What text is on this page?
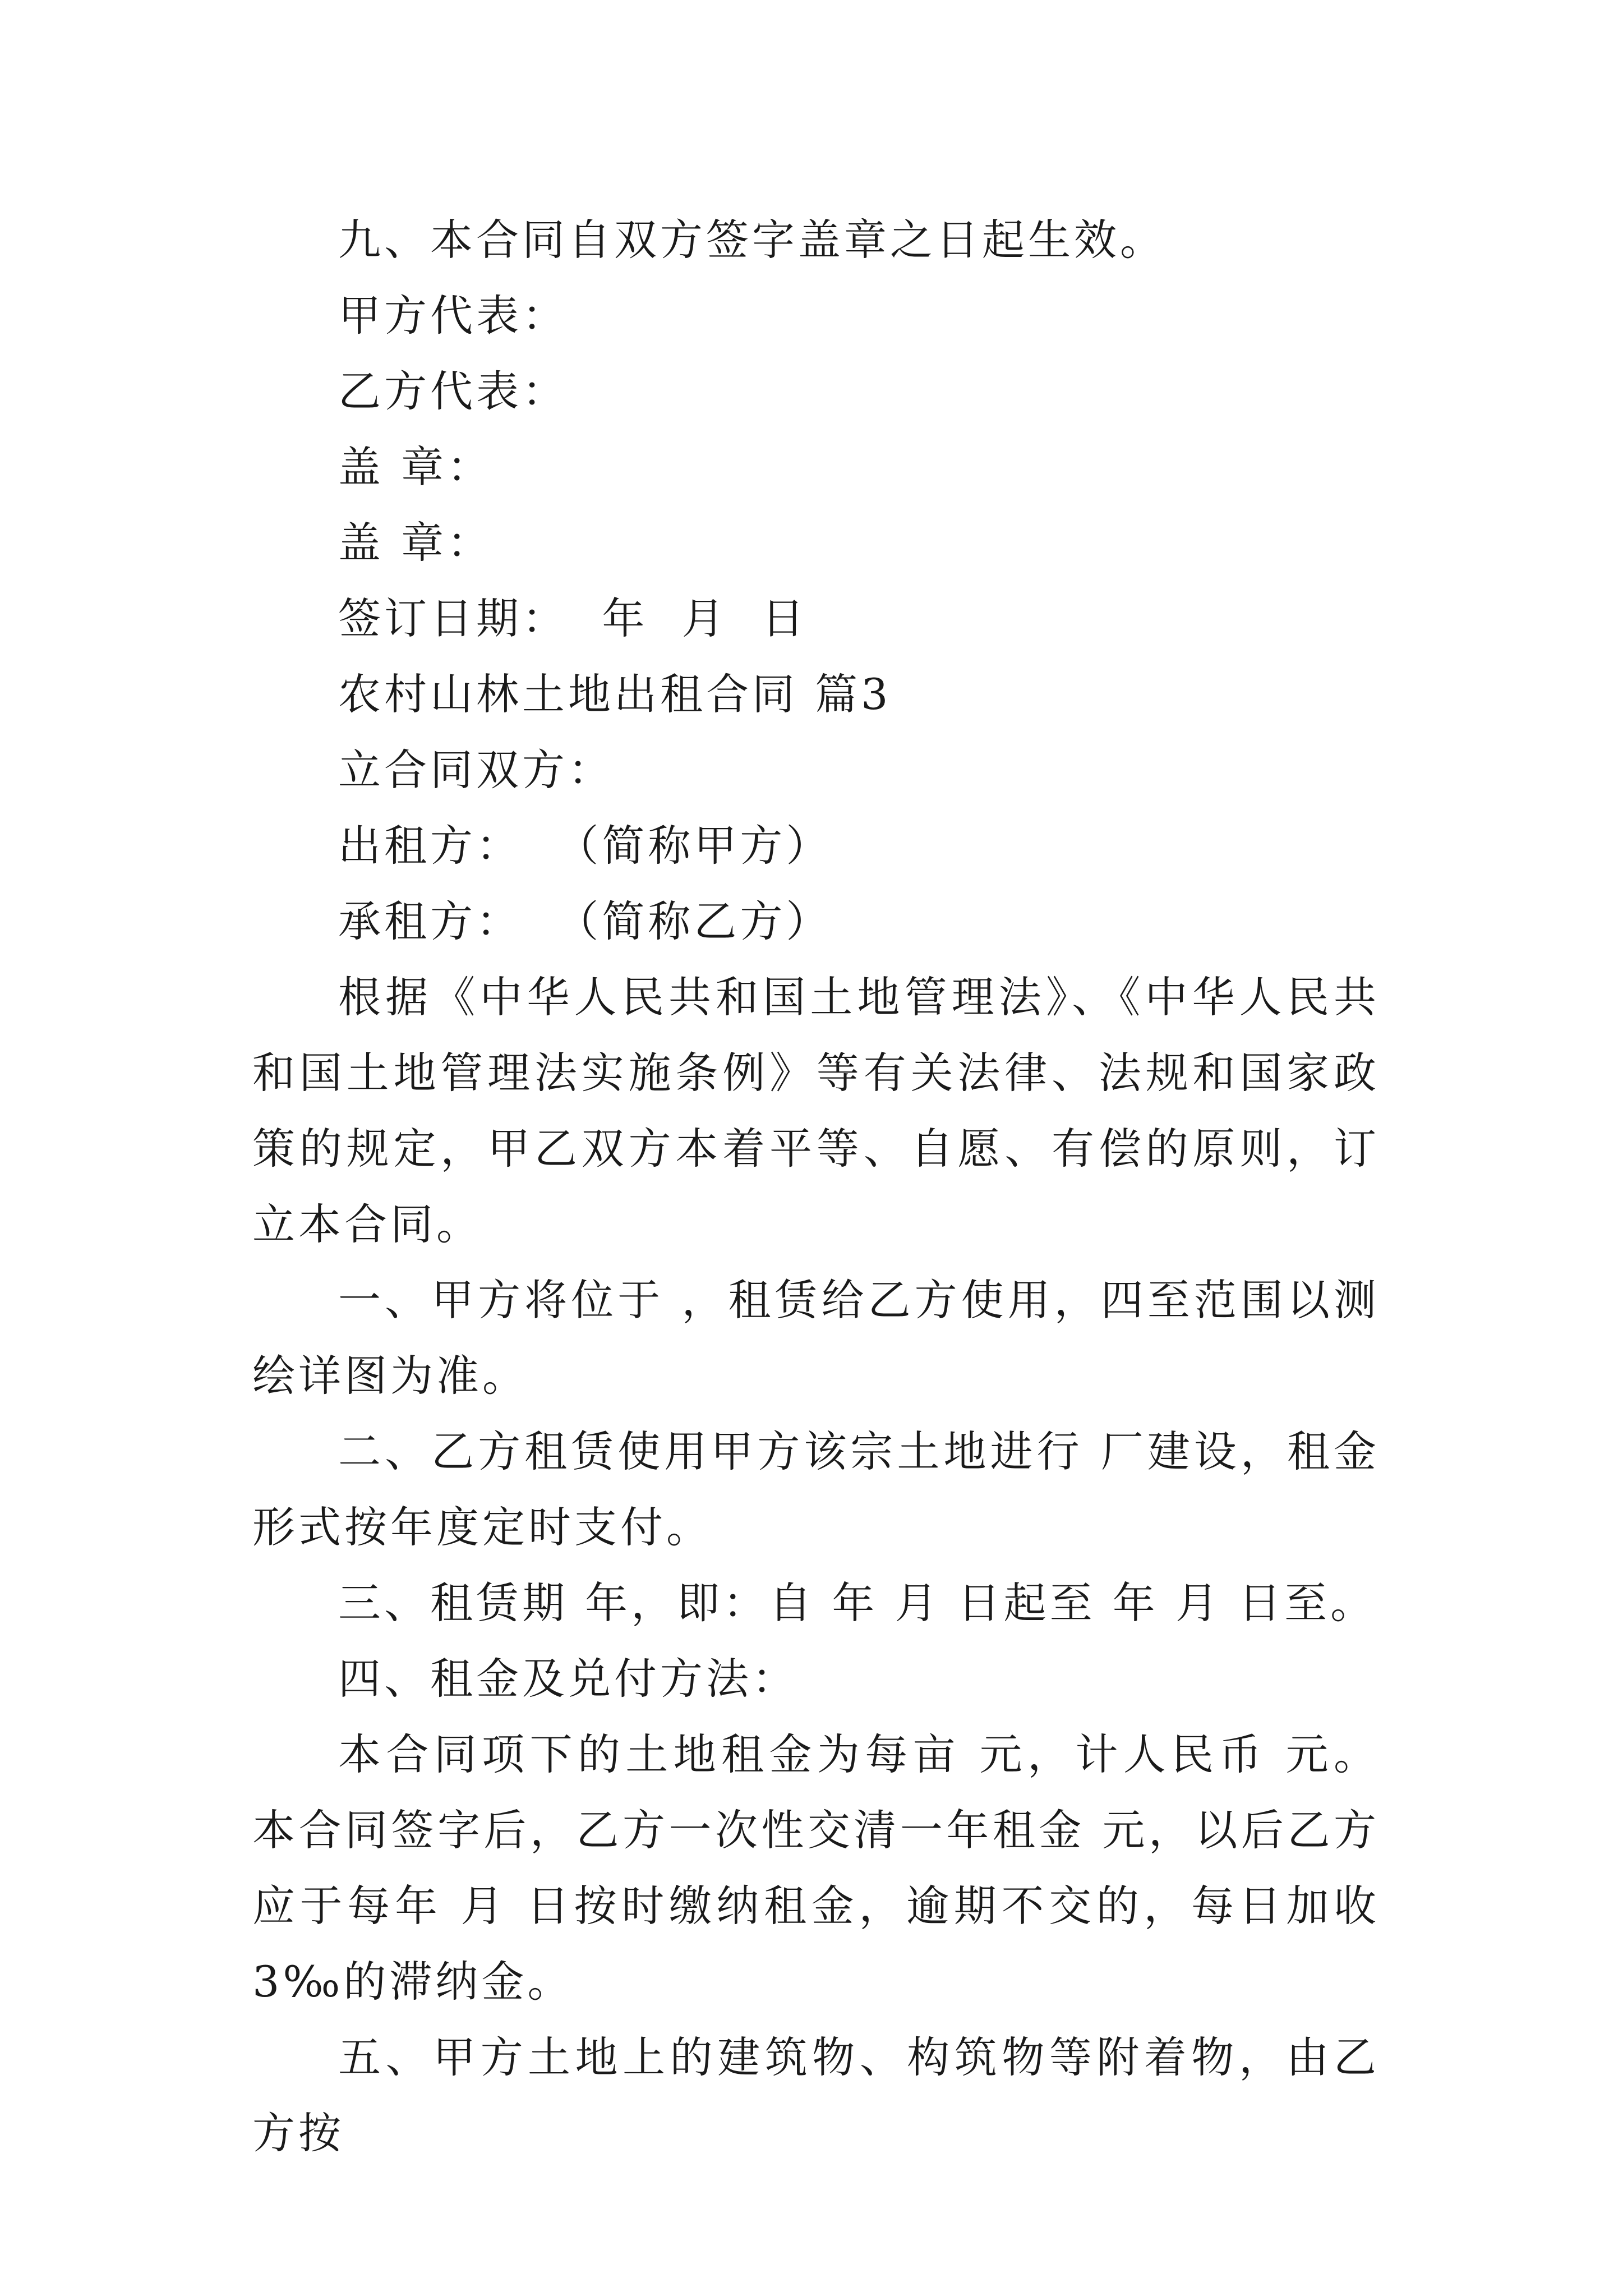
九、本合同自双方签字盖章之日起生效。
甲方代表：
乙方代表：
盖 章：
盖 章：
签订日期：  年  月  日
农村山林土地出租合同 篇3
立合同双方：
出租方：  （简称甲方）
承租方：  （简称乙方）
根据《中华人民共和国土地管理法》、《中华人民共和国土地管理法实施条例》等有关法律、法规和国家政策的规定，甲乙双方本着平等、自愿、有偿的原则，订立本合同。
一、甲方将位于 ，租赁给乙方使用，四至范围以测绘详图为准。
二、乙方租赁使用甲方该宗土地进行 厂建设，租金形式按年度定时支付。
三、租赁期 年，即：自 年 月 日起至 年 月 日至。
四、租金及兑付方法：
本合同项下的土地租金为每亩 元，计人民币 元。本合同签字后，乙方一次性交清一年租金 元，以后乙方应于每年 月 日按时缴纳租金，逾期不交的，每日加收3‰的滞纳金。
五、甲方土地上的建筑物、构筑物等附着物，由乙方按
